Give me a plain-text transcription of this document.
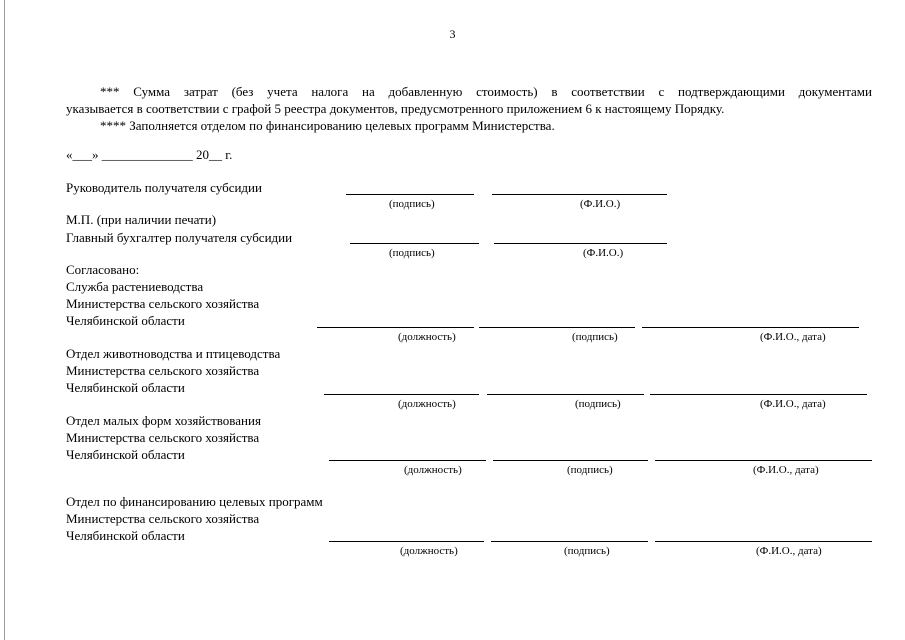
3
*** Сумма затрат (без учета налога на добавленную стоимость) в соответствии с подтверждающими документами
указывается в соответствии с графой 5 реестра документов, предусмотренного приложением 6 к настоящему Порядку.
**** Заполняется отделом по финансированию целевых программ Министерства.
«___» ______________ 20__ г.
Руководитель получателя субсидии
(подпись)	(Ф.И.О.)
М.П. (при наличии печати)
Главный бухгалтер получателя субсидии
(подпись)	(Ф.И.О.)
Согласовано:
Служба растениеводства
Министерства сельского хозяйства
Челябинской области
(должность)	(подпись)	(Ф.И.О., дата)
Отдел животноводства и птицеводства
Министерства сельского хозяйства
Челябинской области
(должность)	(подпись)	(Ф.И.О., дата)
Отдел малых форм хозяйствования
Министерства сельского хозяйства
Челябинской области
(должность)	(подпись)	(Ф.И.О., дата)
Отдел по финансированию целевых программ
Министерства сельского хозяйства
Челябинской области
(должность)	(подпись)	(Ф.И.О., дата)
